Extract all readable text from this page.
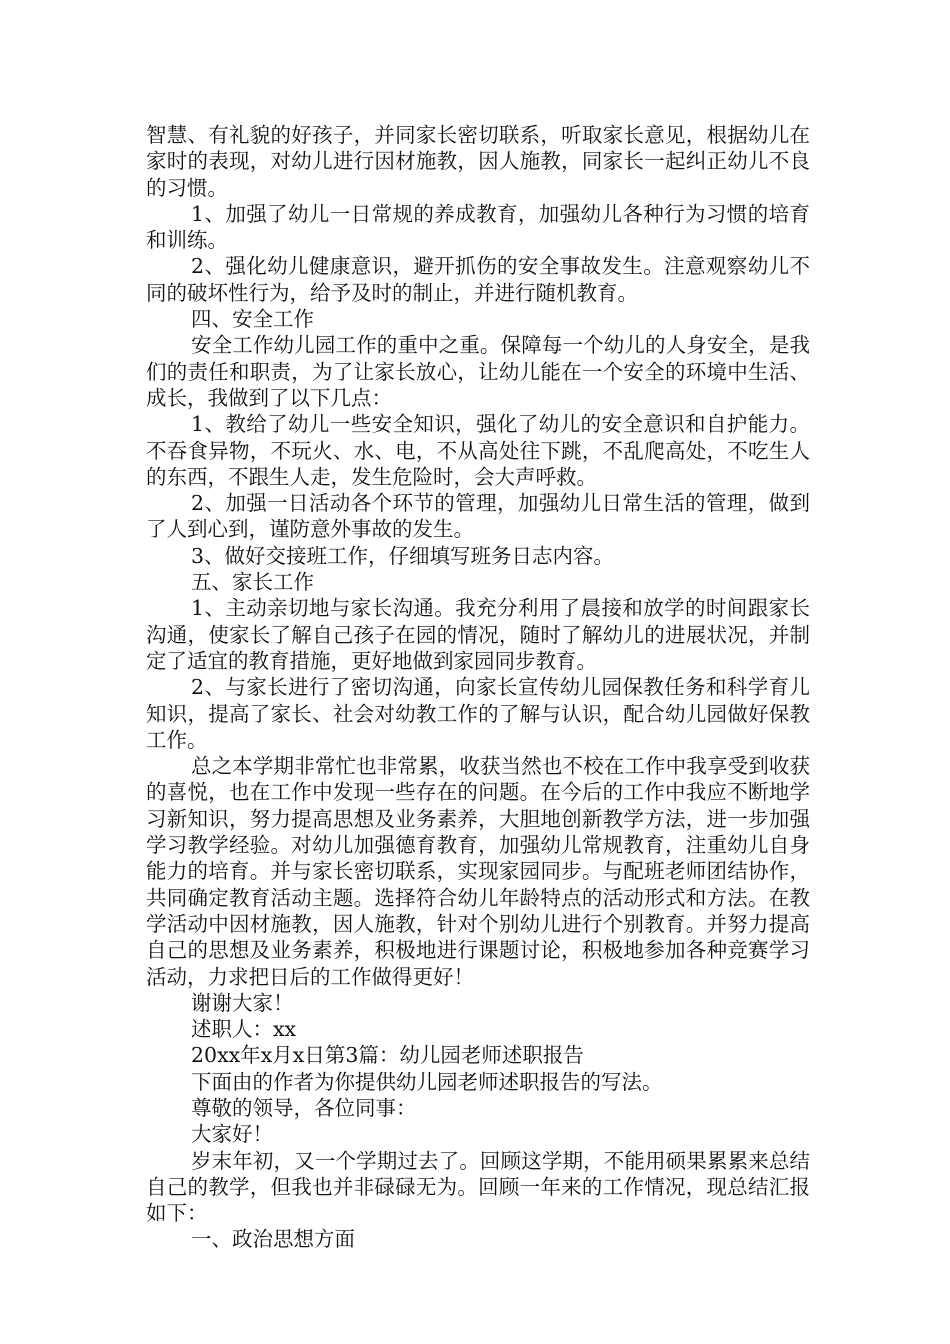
智慧、有礼貌的好孩子，并同家长密切联系，听取家长意见，根据幼儿在家时的表现，对幼儿进行因材施教，因人施教，同家长一起纠正幼儿不良的习惯。

1、加强了幼儿一日常规的养成教育，加强幼儿各种行为习惯的培育和训练。

2、强化幼儿健康意识，避开抓伤的安全事故发生。注意观察幼儿不同的破坏性行为，给予及时的制止，并进行随机教育。

四、安全工作

安全工作幼儿园工作的重中之重。保障每一个幼儿的人身安全，是我们的责任和职责，为了让家长放心，让幼儿能在一个安全的环境中生活、成长，我做到了以下几点：

1、教给了幼儿一些安全知识，强化了幼儿的安全意识和自护能力。不吞食异物，不玩火、水、电，不从高处往下跳，不乱爬高处，不吃生人的东西，不跟生人走，发生危险时，会大声呼救。

2、加强一日活动各个环节的管理，加强幼儿日常生活的管理，做到了人到心到，谨防意外事故的发生。

3、做好交接班工作，仔细填写班务日志内容。

五、家长工作

1、主动亲切地与家长沟通。我充分利用了晨接和放学的时间跟家长沟通，使家长了解自己孩子在园的情况，随时了解幼儿的进展状况，并制定了适宜的教育措施，更好地做到家园同步教育。

2、与家长进行了密切沟通，向家长宣传幼儿园保教任务和科学育儿知识，提高了家长、社会对幼教工作的了解与认识，配合幼儿园做好保教工作。

总之本学期非常忙也非常累，收获当然也不校在工作中我享受到收获的喜悦，也在工作中发现一些存在的问题。在今后的工作中我应不断地学习新知识，努力提高思想及业务素养，大胆地创新教学方法，进一步加强学习教学经验。对幼儿加强德育教育，加强幼儿常规教育，注重幼儿自身能力的培育。并与家长密切联系，实现家园同步。与配班老师团结协作，共同确定教育活动主题。选择符合幼儿年龄特点的活动形式和方法。在教学活动中因材施教，因人施教，针对个别幼儿进行个别教育。并努力提高自己的思想及业务素养，积极地进行课题讨论，积极地参加各种竞赛学习活动，力求把日后的工作做得更好！

谢谢大家！

述职人：xx

20xx年x月x日第3篇：幼儿园老师述职报告

下面由的作者为你提供幼儿园老师述职报告的写法。

尊敬的领导，各位同事：

大家好！

岁末年初，又一个学期过去了。回顾这学期，不能用硕果累累来总结自己的教学，但我也并非碌碌无为。回顾一年来的工作情况，现总结汇报如下：

一、政治思想方面
